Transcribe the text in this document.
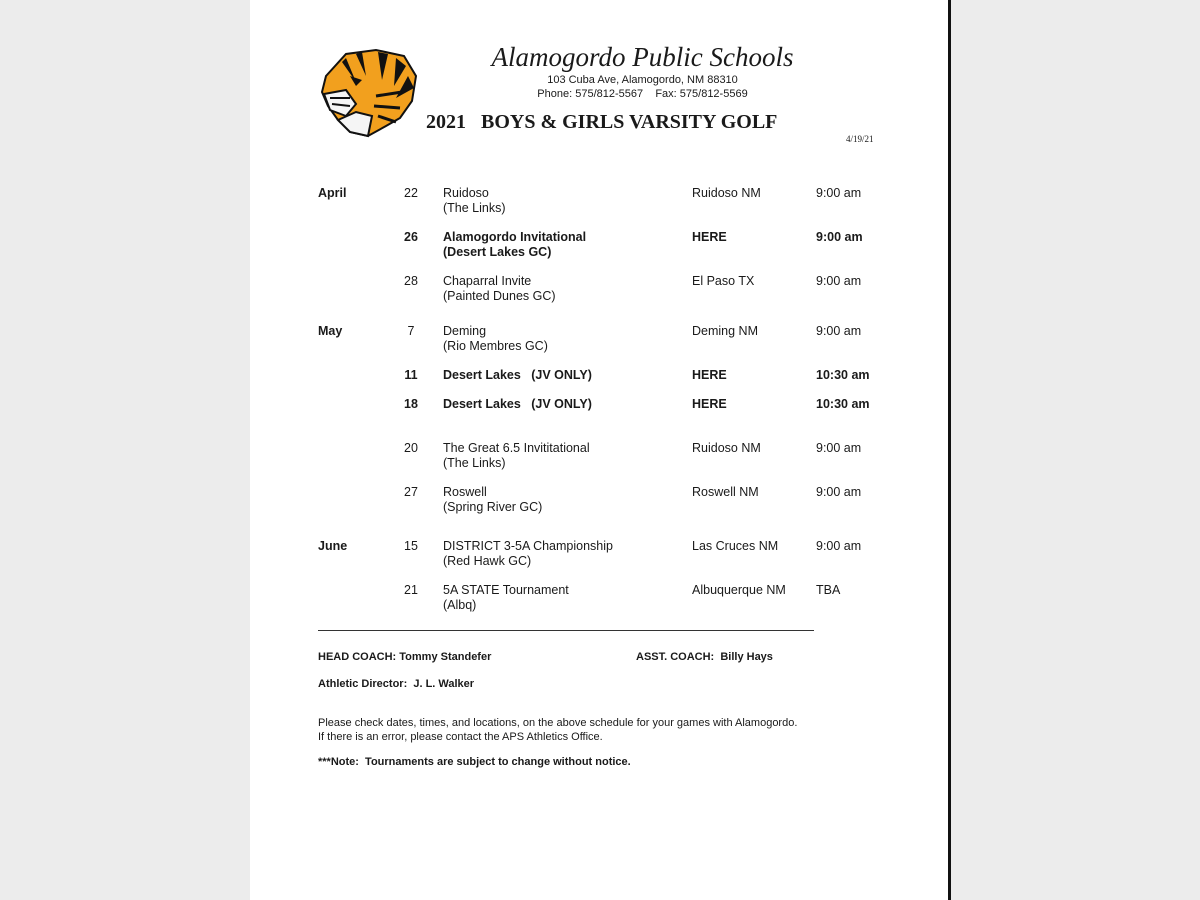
Alamogordo Public Schools
103 Cuba Ave, Alamogordo, NM 88310
Phone: 575/812-5567    Fax: 575/812-5569
2021   BOYS & GIRLS VARSITY GOLF
4/19/21
April	22	Ruidoso
(The Links)
Ruidoso NM	9:00 am
26	Alamogordo Invitational
(Desert Lakes GC)
HERE	9:00 am
28	Chaparral Invite
(Painted Dunes GC)
El Paso TX	9:00 am
May	7	Deming
(Rio Membres GC)
Deming NM	9:00 am
11	Desert Lakes   (JV ONLY)	HERE	10:30 am
18	Desert Lakes   (JV ONLY)	HERE	10:30 am
20	The Great 6.5 Invititational
(The Links)
Ruidoso NM	9:00 am
27	Roswell
(Spring River GC)
Roswell NM	9:00 am
June	15	DISTRICT 3-5A Championship
(Red Hawk GC)
Las Cruces NM	9:00 am
21	5A STATE Tournament
(Albq)
Albuquerque NM TBA
HEAD COACH: Tommy Standefer	ASST. COACH:  Billy Hays
Athletic Director:  J. L. Walker
Please check dates, times, and locations, on the above schedule for your games with Alamogordo.
If there is an error, please contact the APS Athletics Office.
***Note:  Tournaments are subject to change without notice.
